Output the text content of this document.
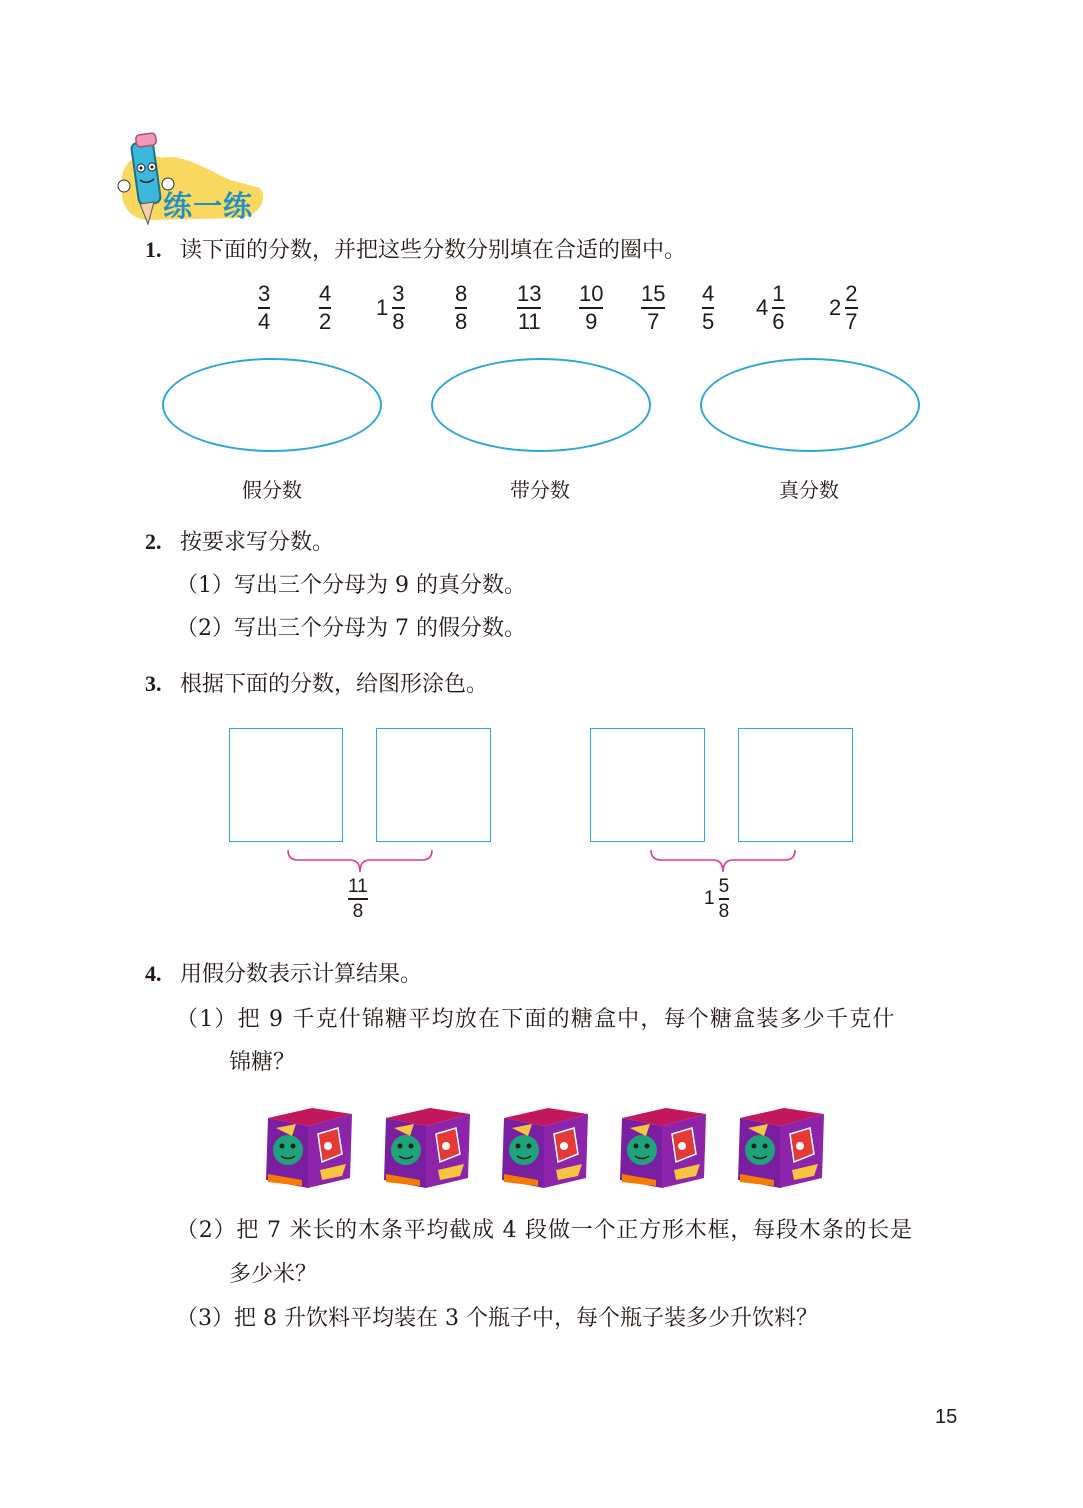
练一练
1. 读下面的分数，并把这些分数分别填在合适的圈中。
$\frac{3}{4} \frac{4}{2} 1 \frac{3}{8} \frac{8}{8} \frac{13}{11} \frac{10}{9} \frac{15}{7} \frac{4}{5} 4 \frac{1}{6} 2 \frac{2}{7}$
假分数	带分数	真分数
2. 按要求写分数。
（1）写出三个分母为 9 的真分数。
（2）写出三个分母为 7 的假分数。
3. 根据下面的分数，给图形涂色。
11
8
$1 \frac{5}{8}$
4. 用假分数表示计算结果。
（1）把 9 千克什锦糖平均放在下面的糖盒中，每个糖盒装多少千克什
锦糖？
（2）把 7 米长的木条平均截成 4 段做一个正方形木框，每段木条的长是
多少米？
（3）把 8 升饮料平均装在 3 个瓶子中，每个瓶子装多少升饮料？
15
